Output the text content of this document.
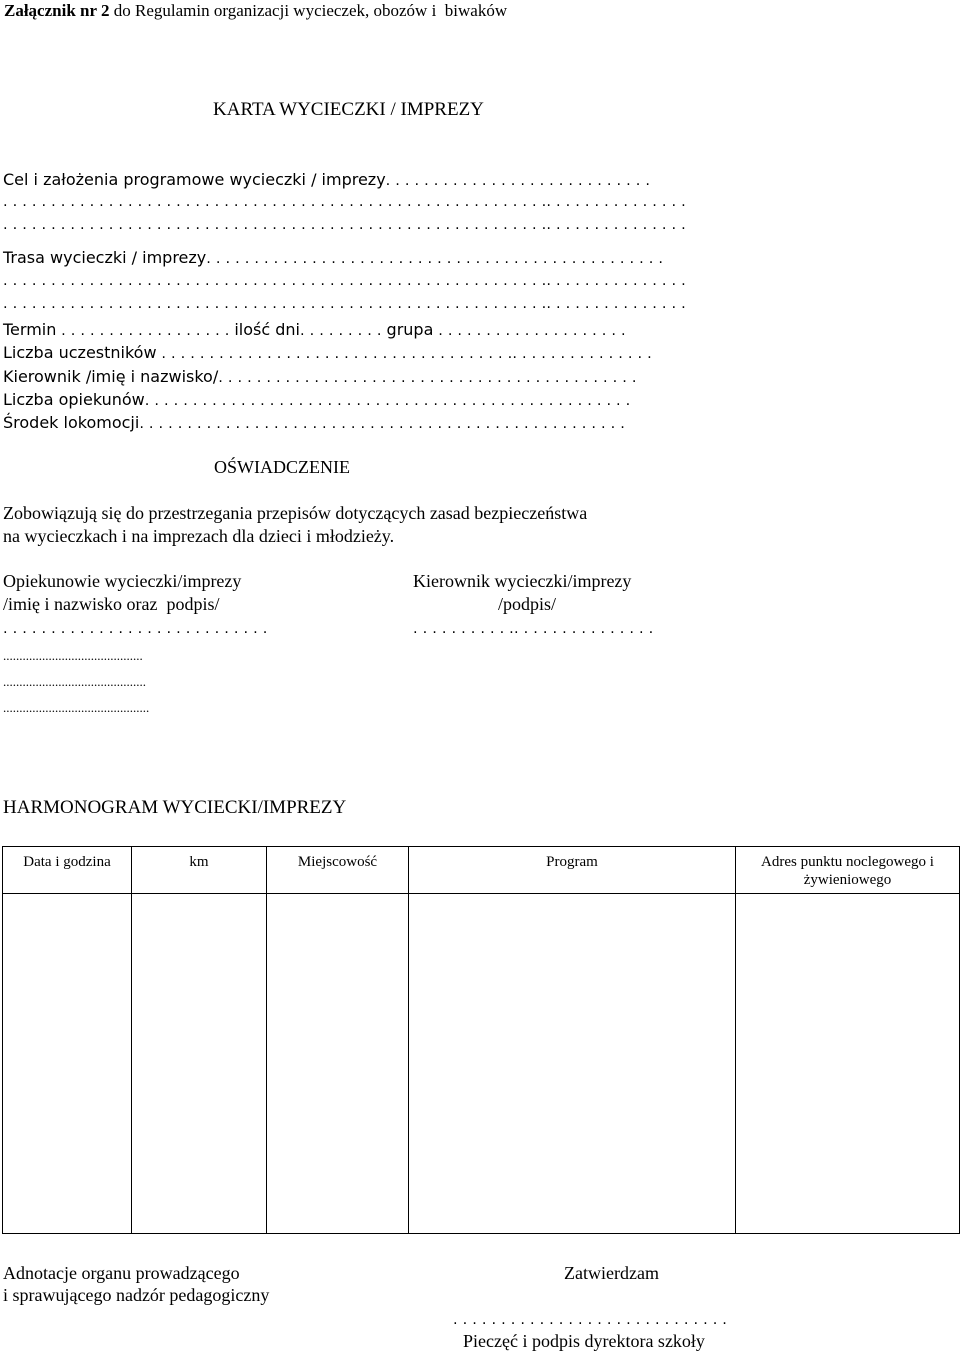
Załącznik nr 2 do Regulamin organizacji wycieczek, obozów i  biwaków
KARTA WYCIECZKI / IMPREZY
Cel i założenia programowe wycieczki / imprezy. . . . . . . . . . . . . . . . . . . . . . . . . . . .
. . . . . . . . . . . . . . . . . . . . . . . . . . . . . . . . . . . . . . . . . . . . . . . . . . . . . . . . .. . . . . . . . . . . . . . .
. . . . . . . . . . . . . . . . . . . . . . . . . . . . . . . . . . . . . . . . . . . . . . . . . . . . . . . . .. . . . . . . . . . . . . . .
Trasa wycieczki / imprezy. . . . . . . . . . . . . . . . . . . . . . . . . . . . . . . . . . . . . . . . . . . . . . . .
. . . . . . . . . . . . . . . . . . . . . . . . . . . . . . . . . . . . . . . . . . . . . . . . . . . . . . . . .. . . . . . . . . . . . . . .
. . . . . . . . . . . . . . . . . . . . . . . . . . . . . . . . . . . . . . . . . . . . . . . . . . . . . . . . .. . . . . . . . . . . . . . .
Termin . . . . . . . . . . . . . . . . . . ilość dni. . . . . . . . . grupa . . . . . . . . . . . . . . . . . . . .
Liczba uczestników . . . . . . . . . . . . . . . . . . . . . . . . . . . . . . . . . . . . .. . . . . . . . . . . . . . .
Kierownik /imię i nazwisko/. . . . . . . . . . . . . . . . . . . . . . . . . . . . . . . . . . . . . . . . . . . .
Liczba opiekunów. . . . . . . . . . . . . . . . . . . . . . . . . . . . . . . . . . . . . . . . . . . . . . . . . . .
Środek lokomocji. . . . . . . . . . . . . . . . . . . . . . . . . . . . . . . . . . . . . . . . . . . . . . . . . . .
OŚWIADCZENIE
Zobowiązują się do przestrzegania przepisów dotyczących zasad bezpieczeństwa
na wycieczkach i na imprezach dla dzieci i młodzieży.
Opiekunowie wycieczki/imprezy
/imię i nazwisko oraz  podpis/
. . . . . . . . . . . . . . . . . . . . . . . . . . . .
...........................................
............................................
.............................................
Kierownik wycieczki/imprezy
/podpis/
. . . . . . . . . . .. . . . . . . . . . . . . . .
HARMONOGRAM WYCIECKI/IMPREZY
Data i godzina	km	Miejscowość	Program	Adres punktu noclegowego i żywieniowego

Adnotacje organu prowadzącego
i sprawującego nadzór pedagogiczny
Zatwierdzam
. . . . . . . . . . . . . . . . . . . . . . . . . . . . .
Pieczęć i podpis dyrektora szkoły
